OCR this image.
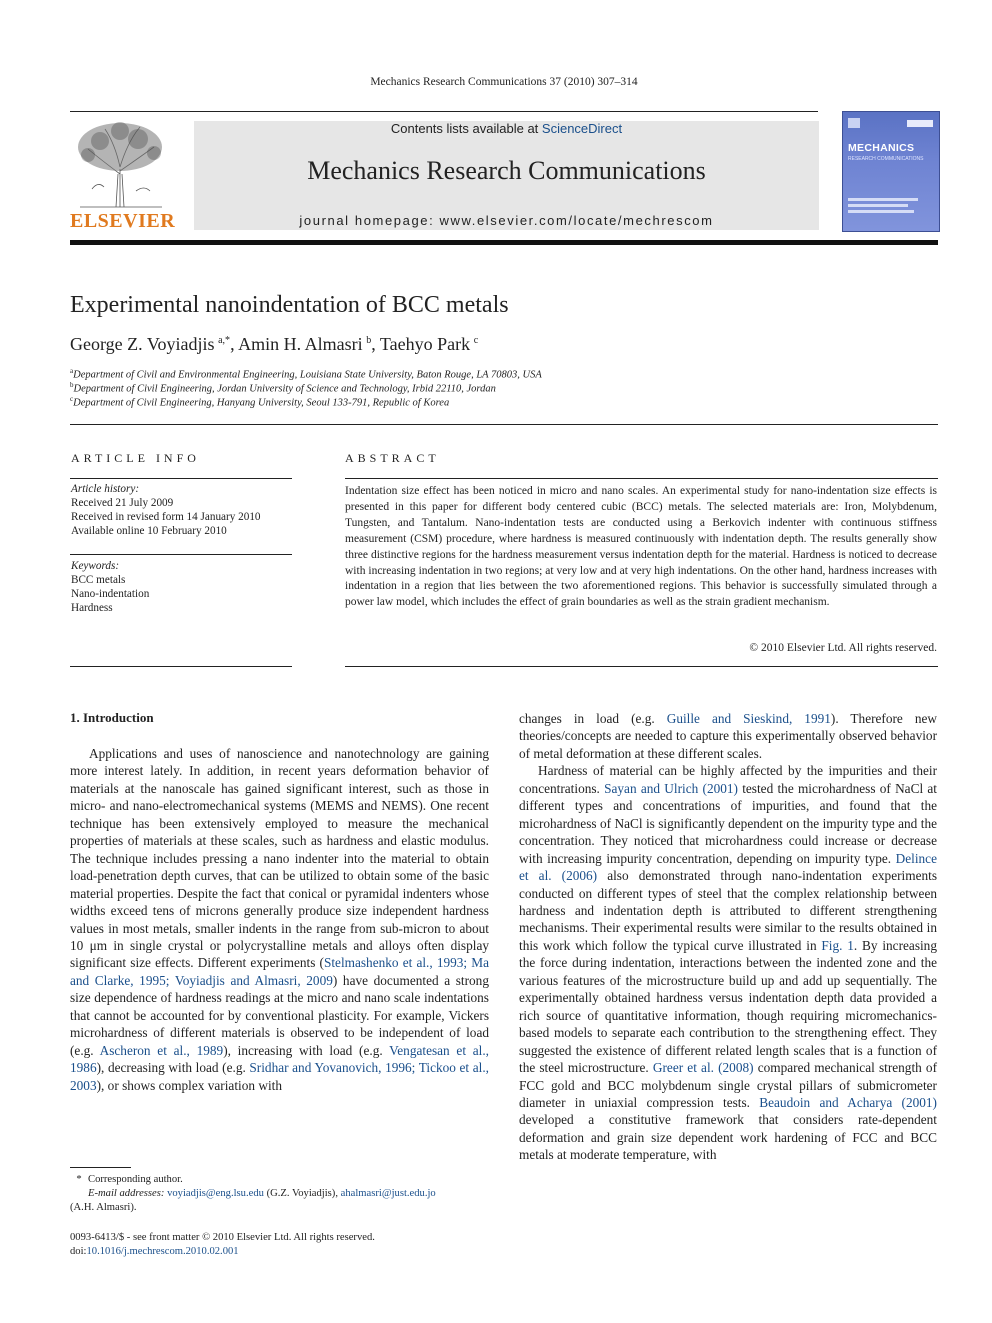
Mechanics Research Communications 37 (2010) 307–314
ELSEVIER
Contents lists available at ScienceDirect
Mechanics Research Communications
journal homepage: www.elsevier.com/locate/mechrescom
MECHANICS
RESEARCH COMMUNICATIONS
Experimental nanoindentation of BCC metals
George Z. Voyiadjis  $^{a,*}$, Amin H. Almasri  $^b$, Taehyo Park  $^c$
$^a$Department of Civil and Environmental Engineering, Louisiana State University, Baton Rouge, LA 70803, USA
$^b$Department of Civil Engineering, Jordan University of Science and Technology, Irbid 22110, Jordan
$^c$Department of Civil Engineering, Hanyang University, Seoul 133-791, Republic of Korea
ARTICLE INFO
Article history:
Received 21 July 2009
Received in revised form 14 January 2010
Available online 10 February 2010
Keywords:
BCC metals
Nano-indentation
Hardness
ABSTRACT
Indentation size effect has been noticed in micro and nano scales. An experimental study for nano-indentation size effects is presented in this paper for different body centered cubic (BCC) metals. The selected materials are: Iron, Molybdenum, Tungsten, and Tantalum. Nano-indentation tests are conducted using a Berkovich indenter with continuous stiffness measurement (CSM) procedure, where hardness is measured continuously with indentation depth. The results generally show three distinctive regions for the hardness measurement versus indentation depth for the material. Hardness is noticed to decrease with increasing indentation in two regions; at very low and at very high indentations. On the other hand, hardness increases with indentation in a region that lies between the two aforementioned regions. This behavior is successfully simulated through a power law model, which includes the effect of grain boundaries as well as the strain gradient mechanism.
© 2010 Elsevier Ltd. All rights reserved.
1. Introduction

Applications and uses of nanoscience and nanotechnology are gaining more interest lately. In addition, in recent years deformation behavior of materials at the nanoscale has gained significant interest, such as those in micro- and nano-electromechanical systems (MEMS and NEMS). One recent technique has been extensively employed to measure the mechanical properties of materials at these scales, such as hardness and elastic modulus. The technique includes pressing a nano indenter into the material to obtain load-penetration depth curves, that can be utilized to obtain some of the basic material properties. Despite the fact that conical or pyramidal indenters whose widths exceed tens of microns generally produce size independent hardness values in most metals, smaller indents in the range from sub-micron to about 10 μm in single crystal or polycrystalline metals and alloys often display significant size effects. Different experiments (Stelmashenko et al., 1993; Ma and Clarke, 1995; Voyiadjis and Almasri, 2009) have documented a strong size dependence of hardness readings at the micro and nano scale indentations that cannot be accounted for by conventional plasticity. For example, Vickers microhardness of different materials is observed to be independent of load (e.g. Ascheron et al., 1989), increasing with load (e.g. Vengatesan et al., 1986), decreasing with load (e.g. Sridhar and Yovanovich, 1996; Tickoo et al., 2003), or shows complex variation with

changes in load (e.g. Guille and Sieskind, 1991). Therefore new theories/concepts are needed to capture this experimentally observed behavior of metal deformation at these different scales.

Hardness of material can be highly affected by the impurities and their concentrations. Sayan and Ulrich (2001) tested the microhardness of NaCl at different types and concentrations of impurities, and found that the microhardness of NaCl is significantly dependent on the impurity type and the concentration. They noticed that microhardness could increase or decrease with increasing impurity concentration, depending on impurity type. Delince et al. (2006) also demonstrated through nano-indentation experiments conducted on different types of steel that the complex relationship between hardness and indentation depth is attributed to different strengthening mechanisms. Their experimental results were similar to the results obtained in this work which follow the typical curve illustrated in Fig. 1. By increasing the force during indentation, interactions between the indented zone and the various features of the microstructure build up and add up sequentially. The experimentally obtained hardness versus indentation depth data provided a rich source of quantitative information, though requiring micromechanics-based models to separate each contribution to the strengthening effect. They suggested the existence of different related length scales that is a function of the steel microstructure. Greer et al. (2008) compared mechanical strength of FCC gold and BCC molybdenum single crystal pillars of submicrometer diameter in uniaxial compression tests. Beaudoin and Acharya (2001) developed a constitutive framework that considers rate-dependent deformation and grain size dependent work hardening of FCC and BCC metals at moderate temperature, with

* Corresponding author.
E-mail addresses: voyiadjis@eng.lsu.edu (G.Z. Voyiadjis), ahalmasri@just.edu.jo
(A.H. Almasri).
0093-6413/$ - see front matter © 2010 Elsevier Ltd. All rights reserved.
doi:10.1016/j.mechrescom.2010.02.001
